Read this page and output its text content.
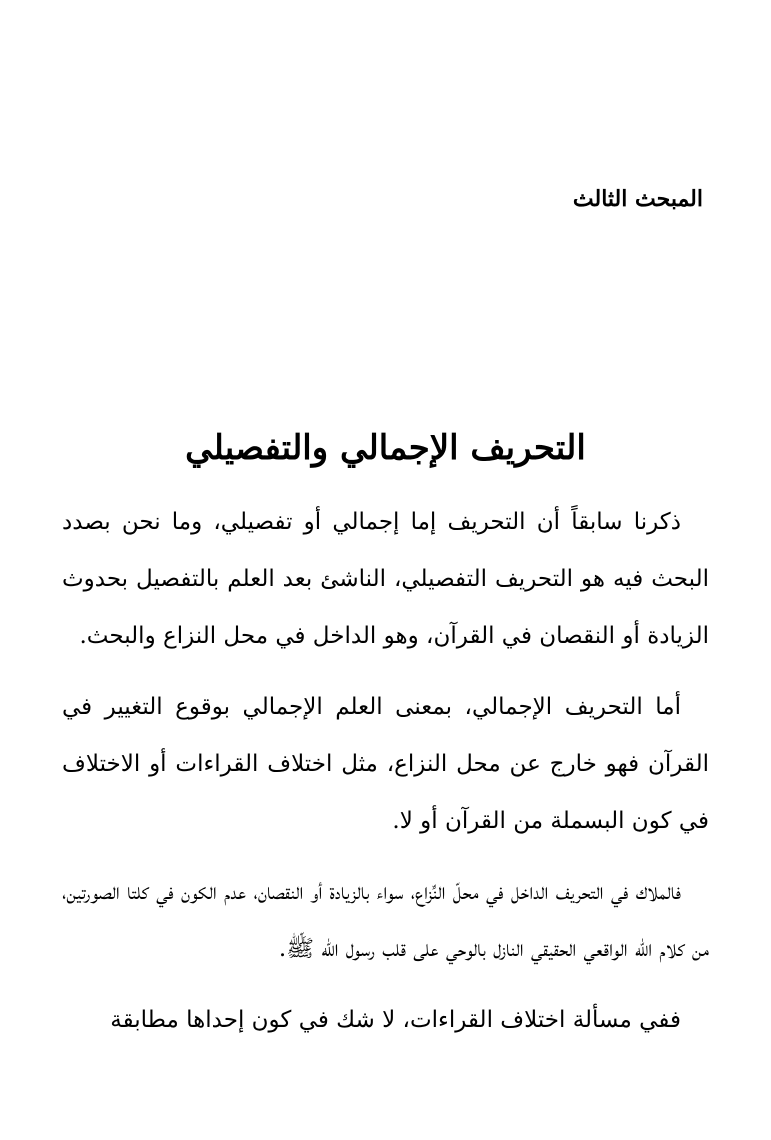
المبحث الثالث
التحريف الإجمالي والتفصيلي

ذكرنا سابقاً أن التحريف إما إجمالي أو تفصيلي، وما نحن بصدد البحث فيه هو التحريف التفصيلي، الناشئ بعد العلم بالتفصيل بحدوث الزيادة أو النقصان في القرآن، وهو الداخل في محل النزاع والبحث.

أما التحريف الإجمالي، بمعنى العلم الإجمالي بوقوع التغيير في القرآن فهو خارج عن محل النزاع، مثل اختلاف القراءات أو الاختلاف في كون البسملة من القرآن أو لا.

فالملاك في التحريف الداخل في محلّ النِّزاع، سواء بالزيادة أو النقصان، عدم الكون في كلتا الصورتين، من كلام الله الواقعي الحقيقي النازل بالوحي على قلب رسول الله ﷺ.

ففي مسألة اختلاف القراءات، لا شك في كون إحداها مطابقة
